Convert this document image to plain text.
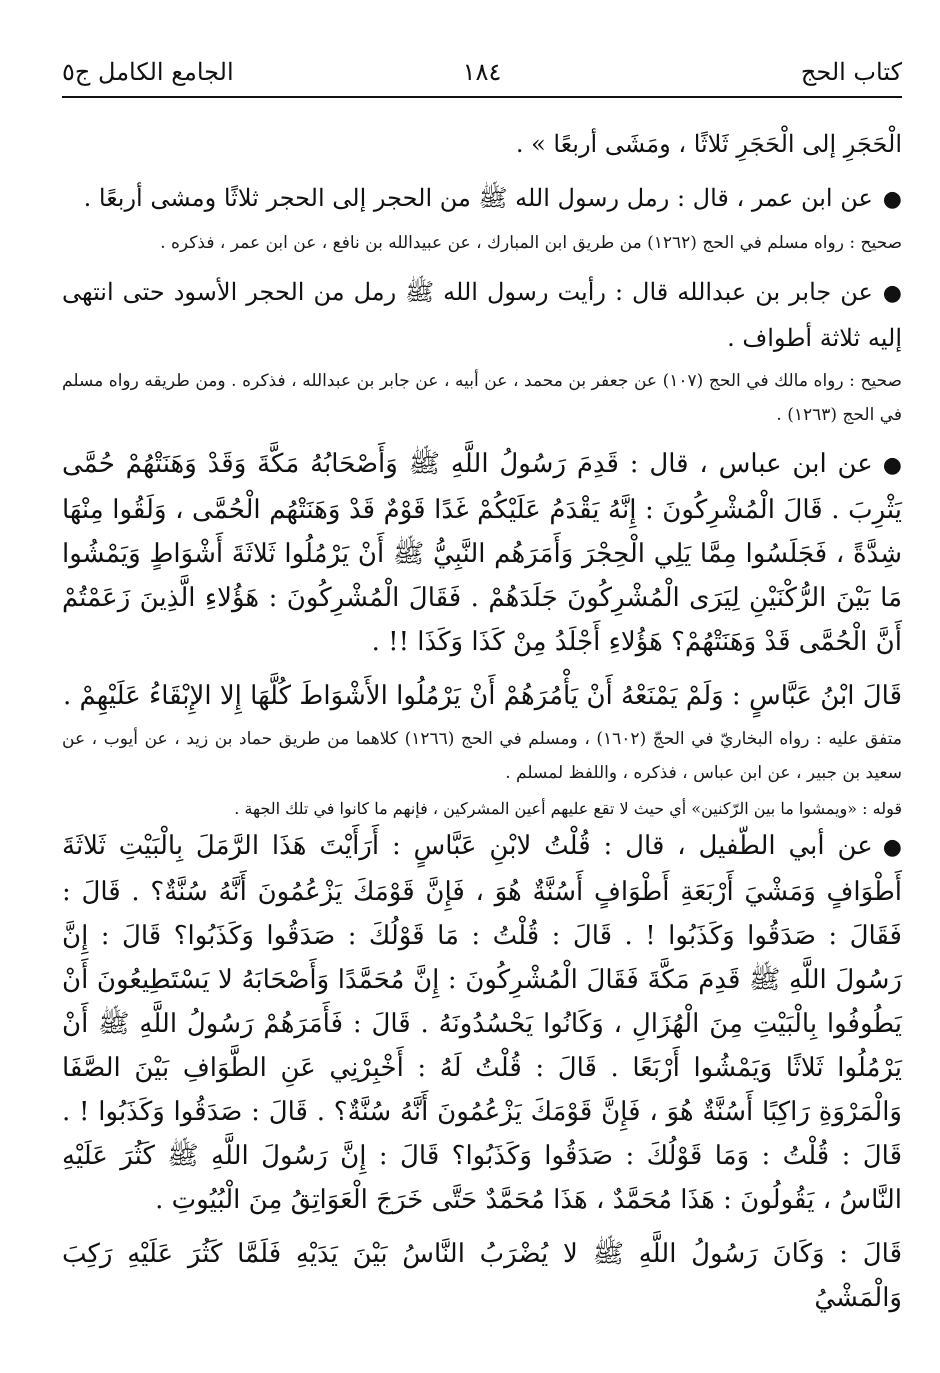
كتاب الحج
١٨٤
الجامع الكامل ج٥

الْحَجَرِ إلى الْحَجَرِ ثَلاثًا ، ومَشَى أربعًا » .

●عن ابن عمر ، قال : رمل رسول الله ﷺ من الحجر إلى الحجر ثلاثًا ومشى أربعًا .

صحيح : رواه مسلم في الحج (١٢٦٢) من طريق ابن المبارك ، عن عبيدالله بن نافع ، عن ابن عمر ، فذكره .

●عن جابر بن عبدالله قال : رأيت رسول الله ﷺ رمل من الحجر الأسود حتى انتهى إليه ثلاثة أطواف .

صحيح : رواه مالك في الحج (١٠٧) عن جعفر بن محمد ، عن أبيه ، عن جابر بن عبدالله ، فذكره . ومن طريقه رواه مسلم في الحج (١٢٦٣) .

●عن ابن عباس ، قال : قَدِمَ رَسُولُ اللَّهِ ﷺ وَأَصْحَابُهُ مَكَّةَ وَقَدْ وَهَنَتْهُمْ حُمَّى يَثْرِبَ . قَالَ الْمُشْرِكُونَ : إِنَّهُ يَقْدَمُ عَلَيْكُمْ غَدًا قَوْمٌ قَدْ وَهَنَتْهُم الْحُمَّى ، وَلَقُوا مِنْهَا شِدَّةً ، فَجَلَسُوا مِمَّا يَلِي الْحِجْرَ وَأَمَرَهُم النَّبِيُّ ﷺ أَنْ يَرْمُلُوا ثَلاثَةَ أَشْوَاطٍ وَيَمْشُوا مَا بَيْنَ الرُّكْنَيْنِ لِيَرَى الْمُشْرِكُونَ جَلَدَهُمْ . فَقَالَ الْمُشْرِكُونَ : هَؤُلاءِ الَّذِينَ زَعَمْتُمْ أَنَّ الْحُمَّى قَدْ وَهَنَتْهُمْ؟ هَؤُلاءِ أَجْلَدُ مِنْ كَذَا وَكَذَا !! .

قَالَ ابْنُ عَبَّاسٍ : وَلَمْ يَمْنَعْهُ أَنْ يَأْمُرَهُمْ أَنْ يَرْمُلُوا الأَشْوَاطَ كُلَّهَا إِلا الإِبْقَاءُ عَلَيْهِمْ .

متفق عليه : رواه البخاريّ في الحجّ (١٦٠٢) ، ومسلم في الحج (١٢٦٦) كلاهما من طريق حماد بن زيد ، عن أيوب ، عن سعيد بن جبير ، عن ابن عباس ، فذكره ، واللفظ لمسلم .

قوله : «ويمشوا ما بين الرّكنين» أي حيث لا تقع عليهم أعين المشركين ، فإنهم ما كانوا في تلك الجهة .

●عن أبي الطّفيل ، قال : قُلْتُ لابْنِ عَبَّاسٍ : أَرَأَيْتَ هَذَا الرَّمَلَ بِالْبَيْتِ ثَلاثَةَ أَطْوَافٍ وَمَشْيَ أَرْبَعَةِ أَطْوَافٍ أَسُنَّةٌ هُوَ ، فَإِنَّ قَوْمَكَ يَزْعُمُونَ أَنَّهُ سُنَّةٌ؟ . قَالَ : فَقَالَ : صَدَقُوا وَكَذَبُوا ! . قَالَ : قُلْتُ : مَا قَوْلُكَ : صَدَقُوا وَكَذَبُوا؟ قَالَ : إِنَّ رَسُولَ اللَّهِ ﷺ قَدِمَ مَكَّةَ فَقَالَ الْمُشْرِكُونَ : إِنَّ مُحَمَّدًا وَأَصْحَابَهُ لا يَسْتَطِيعُونَ أَنْ يَطُوفُوا بِالْبَيْتِ مِنَ الْهُزَالِ ، وَكَانُوا يَحْسُدُونَهُ . قَالَ : فَأَمَرَهُمْ رَسُولُ اللَّهِ ﷺ أَنْ يَرْمُلُوا ثَلاثًا وَيَمْشُوا أَرْبَعًا . قَالَ : قُلْتُ لَهُ : أَخْبِرْنِي عَنِ الطَّوَافِ بَيْنَ الصَّفَا وَالْمَرْوَةِ رَاكِبًا أَسُنَّةٌ هُوَ ، فَإِنَّ قَوْمَكَ يَزْعُمُونَ أَنَّهُ سُنَّةٌ؟ . قَالَ : صَدَقُوا وَكَذَبُوا ! . قَالَ : قُلْتُ : وَمَا قَوْلُكَ : صَدَقُوا وَكَذَبُوا؟ قَالَ : إِنَّ رَسُولَ اللَّهِ ﷺ كَثُرَ عَلَيْهِ النَّاسُ ، يَقُولُونَ : هَذَا مُحَمَّدٌ ، هَذَا مُحَمَّدٌ حَتَّى خَرَجَ الْعَوَاتِقُ مِنَ الْبُيُوتِ .

قَالَ : وَكَانَ رَسُولُ اللَّهِ ﷺ لا يُضْرَبُ النَّاسُ بَيْنَ يَدَيْهِ فَلَمَّا كَثُرَ عَلَيْهِ رَكِبَ وَالْمَشْيُ
